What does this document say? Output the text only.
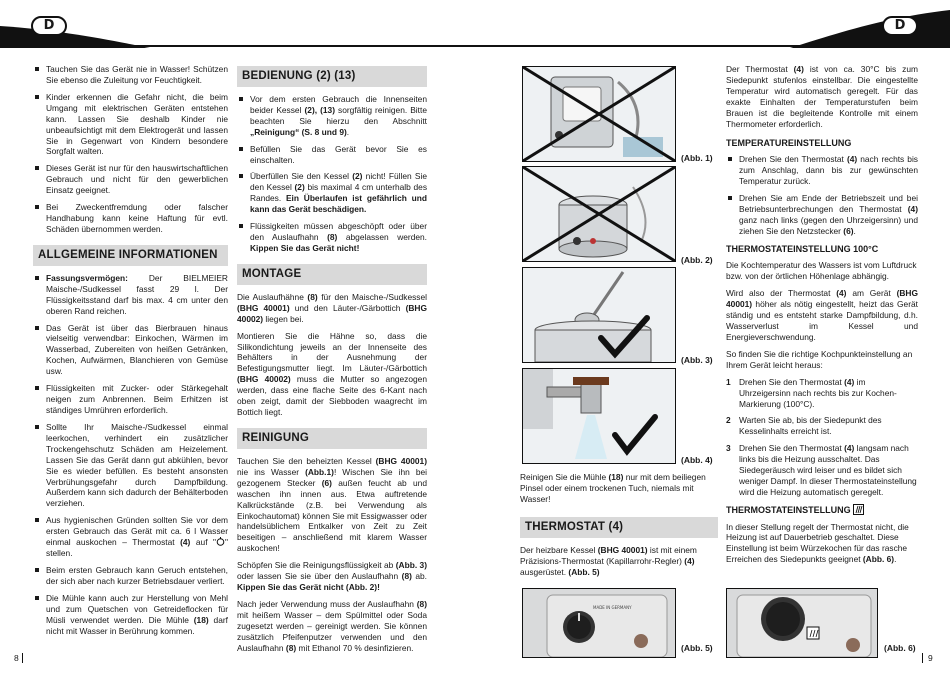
D	D
Tauchen Sie das Gerät nie in Wasser! Schützen Sie ebenso die Zuleitung vor Feuchtigkeit.
Kinder erkennen die Gefahr nicht, die beim Umgang mit elektrischen Geräten entstehen kann. Lassen Sie deshalb Kinder nie unbeaufsichtigt mit dem Elektrogerät und lassen Sie in Gegenwart von Kindern besondere Sorgfalt walten.
Dieses Gerät ist nur für den hauswirtschaftlichen Gebrauch und nicht für den gewerblichen Einsatz geeignet.
Bei Zweckentfremdung oder falscher Handhabung kann keine Haftung für evtl. Schäden übernommen werden.
ALLGEMEINE INFORMATIONEN
Fassungsvermögen: Der BIELMEIER Maische-/Sudkessel fasst 29 l. Der Flüssigkeitsstand darf bis max. 4 cm unter den oberen Rand reichen.
Das Gerät ist über das Bierbrauen hinaus vielseitig verwendbar: Einkochen, Wärmen im Wasserbad, Zubereiten von heißen Getränken, Kochen, Aufwärmen, Blanchieren von Gemüse usw.
Flüssigkeiten mit Zucker- oder Stärkegehalt neigen zum Anbrennen. Beim Erhitzen ist ständiges Umrühren erforderlich.
Sollte Ihr Maische-/Sudkessel einmal leerkochen, verhindert ein zusätzlicher Trockengehschutz Schäden am Heizelement. Lassen Sie das Gerät dann gut abkühlen, bevor Sie es wieder befüllen. Es besteht ansonsten Verbrühungsgefahr durch Dampfbildung. Außerdem kann sich dadurch der Behälterboden verziehen.
Aus hygienischen Gründen sollten Sie vor dem ersten Gebrauch das Gerät mit ca. 6 l Wasser einmal auskochen – Thermostat (4) auf " " stellen.
Beim ersten Gebrauch kann Geruch entstehen, der sich aber nach kurzer Betriebsdauer verliert.
Die Mühle kann auch zur Herstellung von Mehl und zum Quetschen von Getreideflocken für Müsli verwendet werden. Die Mühle (18) darf nicht mit Wasser in Berührung kommen.
BEDIENUNG (2) (13)
Vor dem ersten Gebrauch die Innenseiten beider Kessel (2), (13) sorgfältig reinigen. Bitte beachten Sie hierzu den Abschnitt „Reinigung“ (S. 8 und 9).
Befüllen Sie das Gerät bevor Sie es einschalten.
Überfüllen Sie den Kessel (2) nicht! Füllen Sie den Kessel (2) bis maximal 4 cm unterhalb des Randes. Ein Überlaufen ist gefährlich und kann das Gerät beschädigen.
Flüssigkeiten müssen abgeschöpft oder über den Auslaufhahn (8) abgelassen werden. Kippen Sie das Gerät nicht!
MONTAGE

Die Auslaufhähne (8) für den Maische-/Sudkessel (BHG 40001) und den Läuter-/Gärbottich (BHG 40002) liegen bei.

Montieren Sie die Hähne so, dass die Silikondichtung jeweils an der Innenseite des Behälters in der Ausnehmung der Befestigungsmutter liegt. Im Läuter-/Gärbottich (BHG 40002) muss die Mutter so angezogen werden, dass eine flache Seite des 6-Kant nach oben zeigt, damit der Siebboden waagrecht im Bottich liegt.

REINIGUNG

Tauchen Sie den beheizten Kessel (BHG 40001) nie ins Wasser (Abb.1)! Wischen Sie ihn bei gezogenem Stecker (6) außen feucht ab und waschen ihn innen aus. Etwa auftretende Kalkrückstände (z.B. bei Verwendung als Einkochautomat) können Sie mit Essigwasser oder handelsüblichem Entkalker von Zeit zu Zeit beseitigen – anschließend mit klarem Wasser auskochen!

Schöpfen Sie die Reinigungsflüssigkeit ab (Abb. 3) oder lassen Sie sie über den Auslaufhahn (8) ab. Kippen Sie das Gerät nicht (Abb. 2)!

Nach jeder Verwendung muss der Auslaufhahn (8) mit heißem Wasser – dem Spülmittel oder Soda zugesetzt werden – gereinigt werden. Sie können zusätzlich Pfeifenputzer verwenden und den Auslaufhahn (8) mit Ethanol 70 % desinfizieren.

(Abb. 1)
(Abb. 2)
(Abb. 3)
(Abb. 4)

Reinigen Sie die Mühle (18) nur mit dem beiliegen Pinsel oder einem trockenen Tuch, niemals mit Wasser!

THERMOSTAT (4)

Der heizbare Kessel (BHG 40001) ist mit einem Präzisions-Thermostat (Kapillarrohr-Regler) (4) ausgerüstet. (Abb. 5)

MADE IN GERMANY
(Abb. 5)

Der Thermostat (4) ist von ca. 30°C bis zum Siedepunkt stufenlos einstellbar. Die eingestellte Temperatur wird automatisch geregelt. Für das exakte Einhalten der Temperaturstufen beim Brauen ist die begleitende Kontrolle mit einem Thermometer erforderlich.

TEMPERATUREINSTELLUNG
Drehen Sie den Thermostat (4) nach rechts bis zum Anschlag, dann bis zur gewünschten Temperatur zurück.
Drehen Sie am Ende der Betriebszeit und bei Betriebsunterbrechungen den Thermostat (4) ganz nach links (gegen den Uhrzeigersinn) und ziehen Sie den Netzstecker (6).
THERMOSTATEINSTELLUNG 100°C

Die Kochtemperatur des Wassers ist vom Luftdruck bzw. von der örtlichen Höhenlage abhängig.

Wird also der Thermostat (4) am Gerät (BHG 40001) höher als nötig eingestellt, heizt das Gerät ständig und es entsteht starke Dampfbildung, d.h. Wasserverlust im Kessel und Energieverschwendung.

So finden Sie die richtige Kochpunkteinstellung an Ihrem Gerät leicht heraus:

1 Drehen Sie den Thermostat (4) im Uhrzeigersinn nach rechts bis zur Kochen-Markierung (100°C).
2 Warten Sie ab, bis der Siedepunkt des Kesselinhalts erreicht ist.
3 Drehen Sie den Thermostat (4) langsam nach links bis die Heizung ausschaltet. Das Siedegeräusch wird leiser und es bildet sich weniger Dampf. In dieser Thermostateinstellung wird die Heizung automatisch geregelt.
THERMOSTATEINSTELLUNG

In dieser Stellung regelt der Thermostat nicht, die Heizung ist auf Dauerbetrieb geschaltet. Diese Einstellung ist beim Würzekochen für das rasche Erreichen des Siedepunkts geeignet (Abb. 6).

(Abb. 6)
8	9
